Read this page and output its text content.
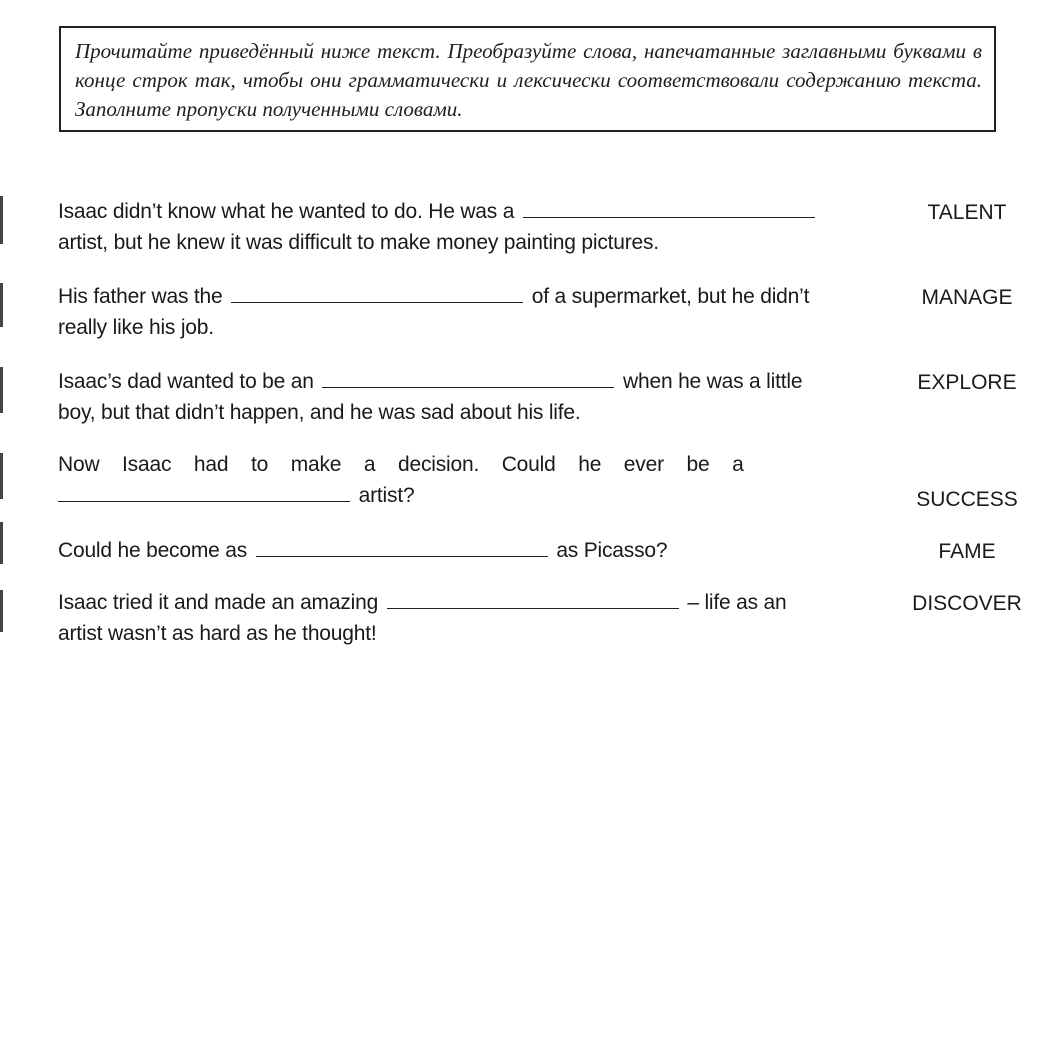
Прочитайте приведённый ниже текст. Преобразуйте слова, напечатанные заглавными буквами в конце строк так, чтобы они грамматически и лексически соответствовали содержанию текста. Заполните пропуски полученными словами.
Isaac didn’t know what he wanted to do. He was a
artist, but he knew it was difficult to make money painting pictures.
TALENT
His father was the	of a supermarket, but he didn’t
really like his job.
MANAGE
Isaac’s dad wanted to be an	when he was a little
boy, but that didn’t happen, and he was sad about his life.
EXPLORE
Now Isaac had to make a decision. Could he ever be a
artist?	SUCCESS
Could he become as	as Picasso?	FAME
Isaac tried it and made an amazing	– life as an
artist wasn’t as hard as he thought!
DISCOVER
